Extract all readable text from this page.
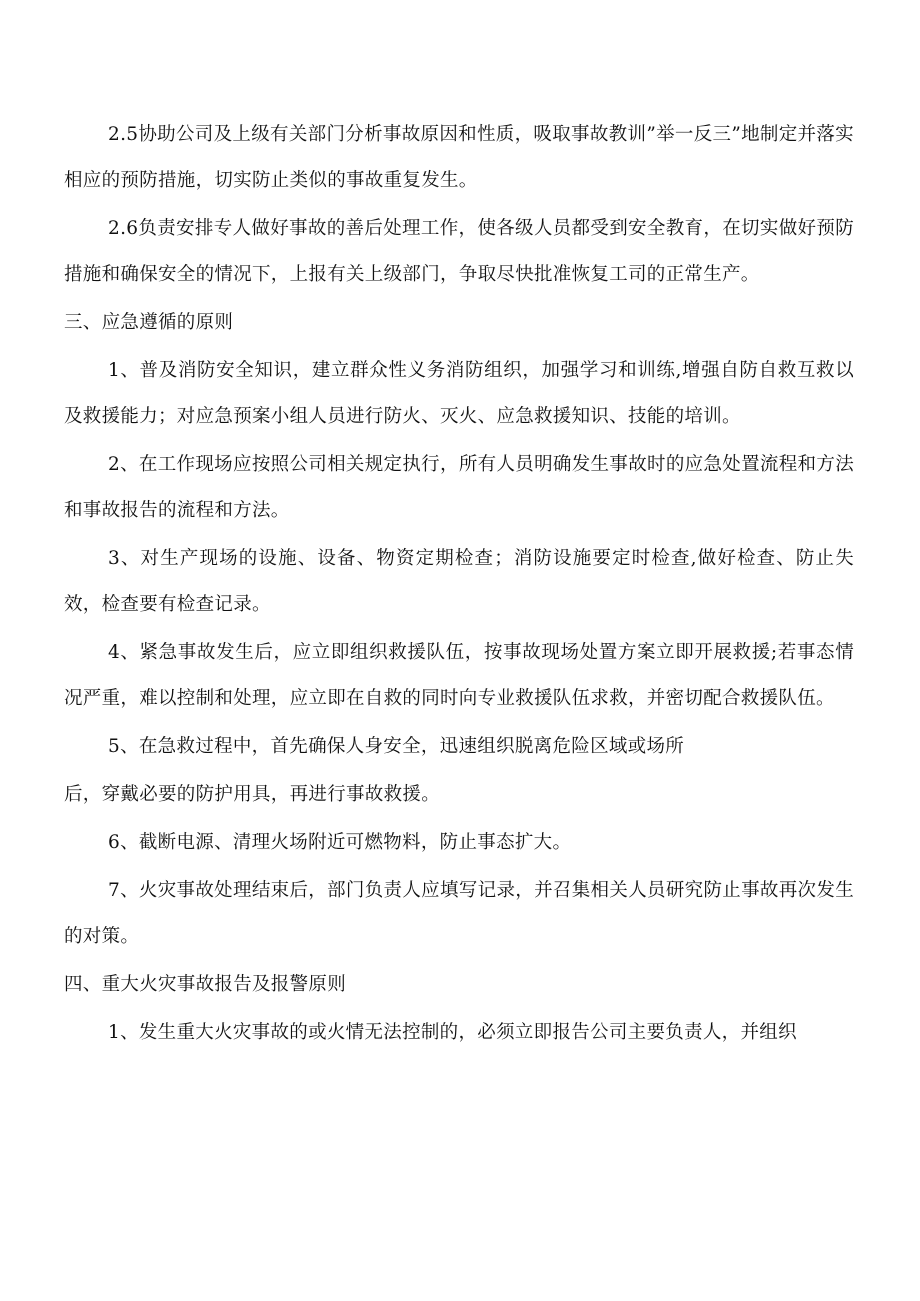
2.5协助公司及上级有关部门分析事故原因和性质，吸取事故教训”举一反三”地制定并落实相应的预防措施，切实防止类似的事故重复发生。

2.6负责安排专人做好事故的善后处理工作，使各级人员都受到安全教育，在切实做好预防措施和确保安全的情况下，上报有关上级部门，争取尽快批准恢复工司的正常生产。

三、应急遵循的原则

1、普及消防安全知识，建立群众性义务消防组织，加强学习和训练,增强自防自救互救以及救援能力；对应急预案小组人员进行防火、灭火、应急救援知识、技能的培训。

2、在工作现场应按照公司相关规定执行，所有人员明确发生事故时的应急处置流程和方法和事故报告的流程和方法。

3、对生产现场的设施、设备、物资定期检查；消防设施要定时检查,做好检查、防止失效，检查要有检查记录。

4、紧急事故发生后，应立即组织救援队伍，按事故现场处置方案立即开展救援;若事态情况严重，难以控制和处理，应立即在自救的同时向专业救援队伍求救，并密切配合救援队伍。

5、在急救过程中，首先确保人身安全，迅速组织脱离危险区域或场所

后，穿戴必要的防护用具，再进行事故救援。

6、截断电源、清理火场附近可燃物料，防止事态扩大。

7、火灾事故处理结束后，部门负责人应填写记录，并召集相关人员研究防止事故再次发生的对策。

四、重大火灾事故报告及报警原则

1、发生重大火灾事故的或火情无法控制的，必须立即报告公司主要负责人，并组织
